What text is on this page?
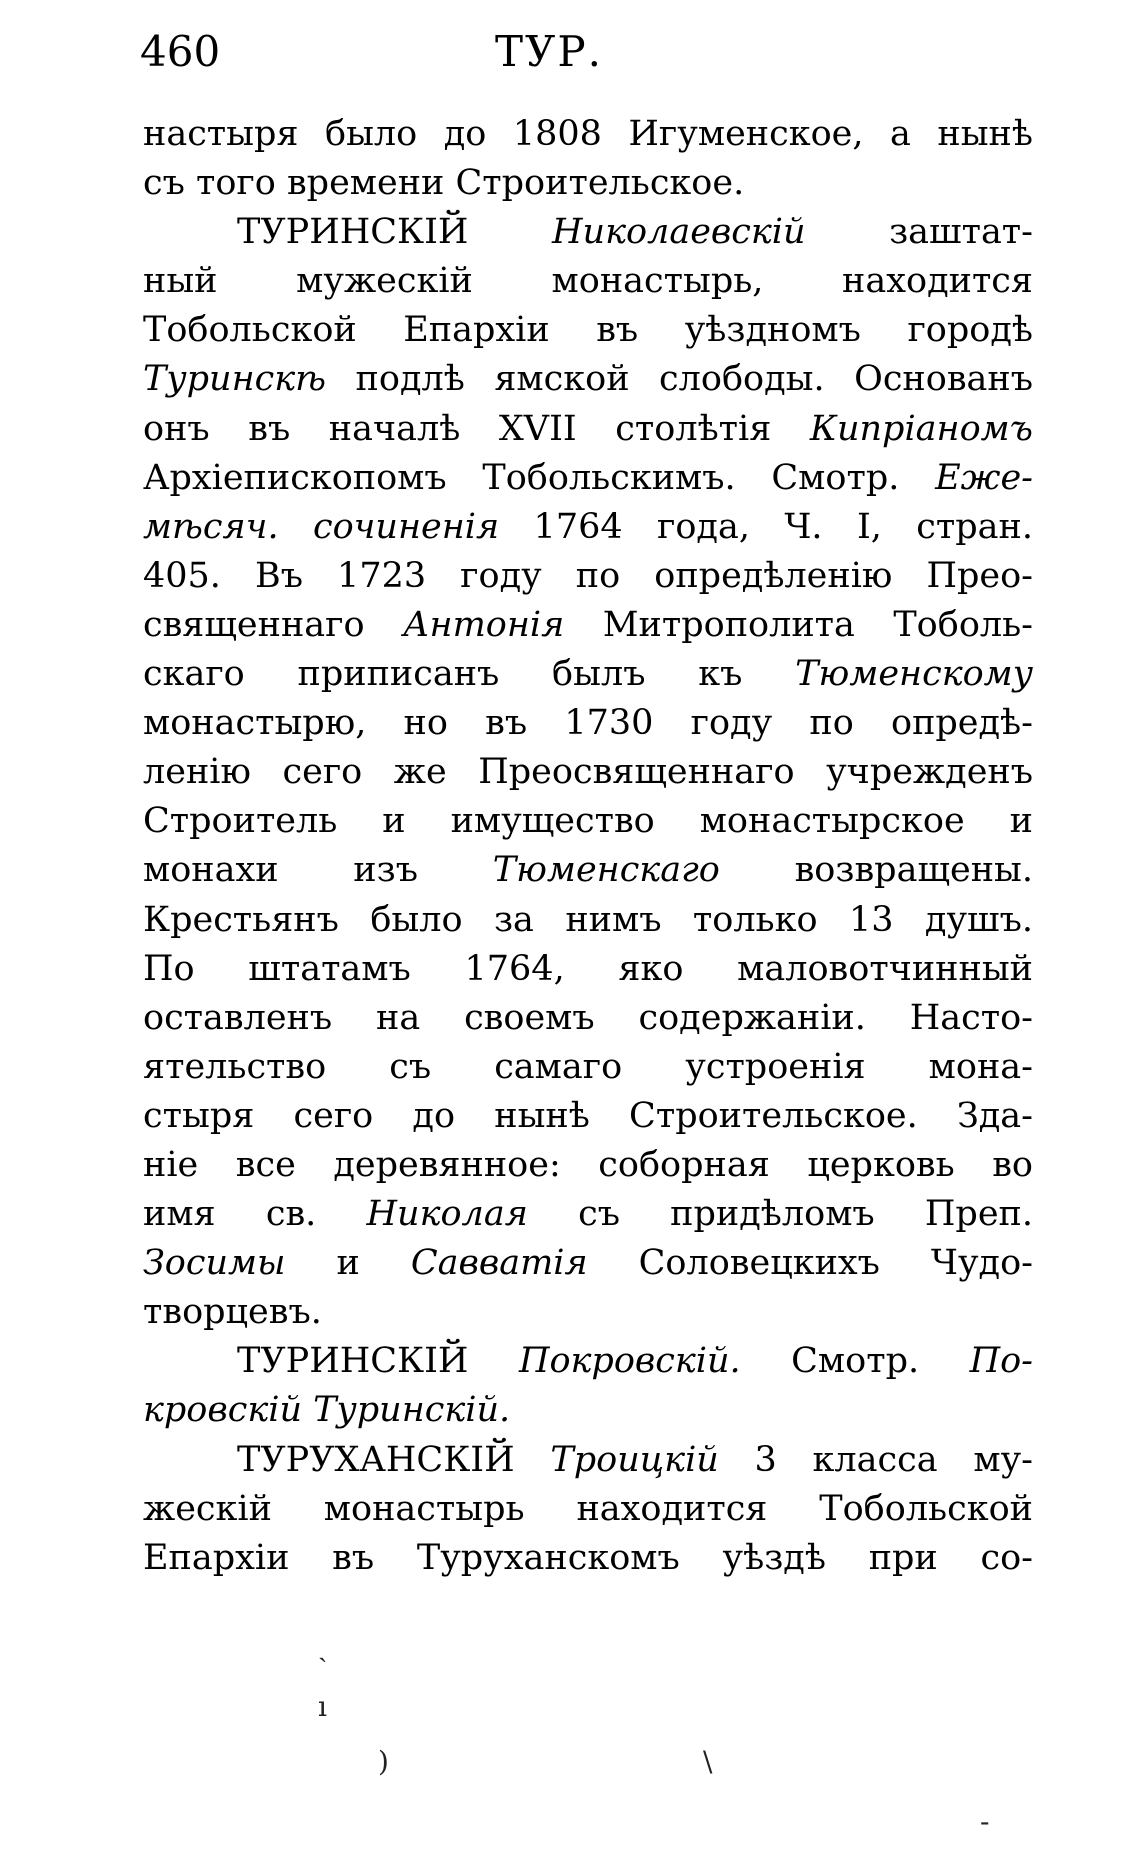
460	ТУР.
настыря было до 1808 Игуменское, а нынѣ
съ того времени Строительское.
ТУРИНСКIЙ Николаевскiй заштат-
ный мужескiй монастырь, находится
Тобольской Епархiи въ уѣздномъ городѣ
Туринскѣ подлѣ ямской слободы. Основанъ
онъ въ началѣ XVII столѣтiя Кипрiаномъ
Архiепископомъ Тобольскимъ. Смотр. Еже-
мѣсяч. сочиненiя 1764 года, Ч. I, стран.
405. Въ 1723 году по опредѣленiю Прео-
священнаго Антонiя Митрополита Тоболь-
скаго приписанъ былъ къ Тюменскому
монастырю, но въ 1730 году по опредѣ-
ленiю сего же Преосвященнаго учрежденъ
Строитель и имущество монастырское и
монахи изъ Тюменскаго возвращены.
Крестьянъ было за нимъ только 13 душъ.
По штатамъ 1764, яко маловотчинный
оставленъ на своемъ содержанiи. Насто-
ятельство съ самаго устроенiя мона-
стыря сего до нынѣ Строительское. Зда-
нiе все деревянное: соборная церковь во
имя св. Николая съ придѣломъ Преп.
Зосимы и Савватiя Соловецкихъ Чудо-
творцевъ.
ТУРИНСКIЙ Покровскiй. Смотр. По-
кровскiй Туринскiй.
ТУРУХАНСКIЙ Троицкiй 3 класса му-
жескiй монастырь находится Тобольской
Епархiи въ Туруханскомъ уѣздѣ при со-
ˎ
ı
)	\
-
